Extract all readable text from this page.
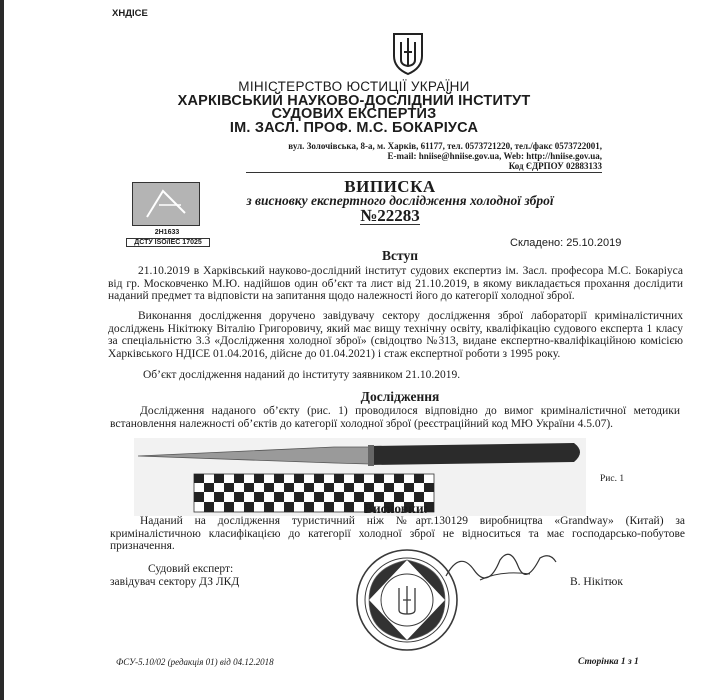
ХНДІСЕ
МІНІСТЕРСТВО ЮСТИЦІЇ УКРАЇНИ
ХАРКІВСЬКИЙ НАУКОВО-ДОСЛІДНИЙ ІНСТИТУТ
СУДОВИХ ЕКСПЕРТИЗ
ІМ. ЗАСЛ. ПРОФ. М.С. БОКАРІУСА
вул. Золочівська, 8-а, м. Харків, 61177, тел. 0573721220, тел./факс 0573722001,
E-mail: hniise@hniise.gov.ua, Web: http://hniise.gov.ua,
Код ЄДРПОУ 02883133
2Н1633
ДСТУ ISO/IEC 17025
ВИПИСКА
з висновку експертного дослідження холодної зброї
№22283
Складено: 25.10.2019
Вступ
21.10.2019 в Харківський науково-дослідний інститут судових експертиз ім. Засл. професора М.С. Бокаріуса від гр. Московченко М.Ю. надійшов один об’єкт та лист від 21.10.2019, в якому викладається прохання дослідити наданий предмет та відповісти на запитання щодо належності його до категорії холодної зброї.
Виконання дослідження доручено завідувачу сектору дослідження зброї лабораторії криміналістичних досліджень Нікітюку Віталію Григоровичу, який має вищу технічну освіту, кваліфікацію судового експерта 1 класу за спеціальністю 3.3 «Дослідження холодної зброї» (свідоцтво №313, видане експертно-кваліфікаційною комісією Харківського НДІСЕ 01.04.2016, дійсне до 01.04.2021) і стаж експертної роботи з 1995 року.
Об’єкт дослідження наданий до інституту заявником 21.10.2019.
Дослідження
Дослідження наданого об’єкту (рис. 1) проводилося відповідно до вимог криміналістичної методики встановлення належності об’єктів до категорії холодної зброї (реєстраційний код МЮ України 4.5.07).
Рис. 1
Висновки:
Наданий на дослідження туристичний ніж №арт.130129 виробництва «Grandway» (Китай) за криміналістичною класифікацією до категорії холодної зброї не відноситься та має господарсько-побутове призначення.
Судовий експерт:
завідувач сектору ДЗ ЛКД	В. Нікітюк
ФСУ-5.10/02 (редакція 01) від 04.12.2018	Сторінка 1 з 1
